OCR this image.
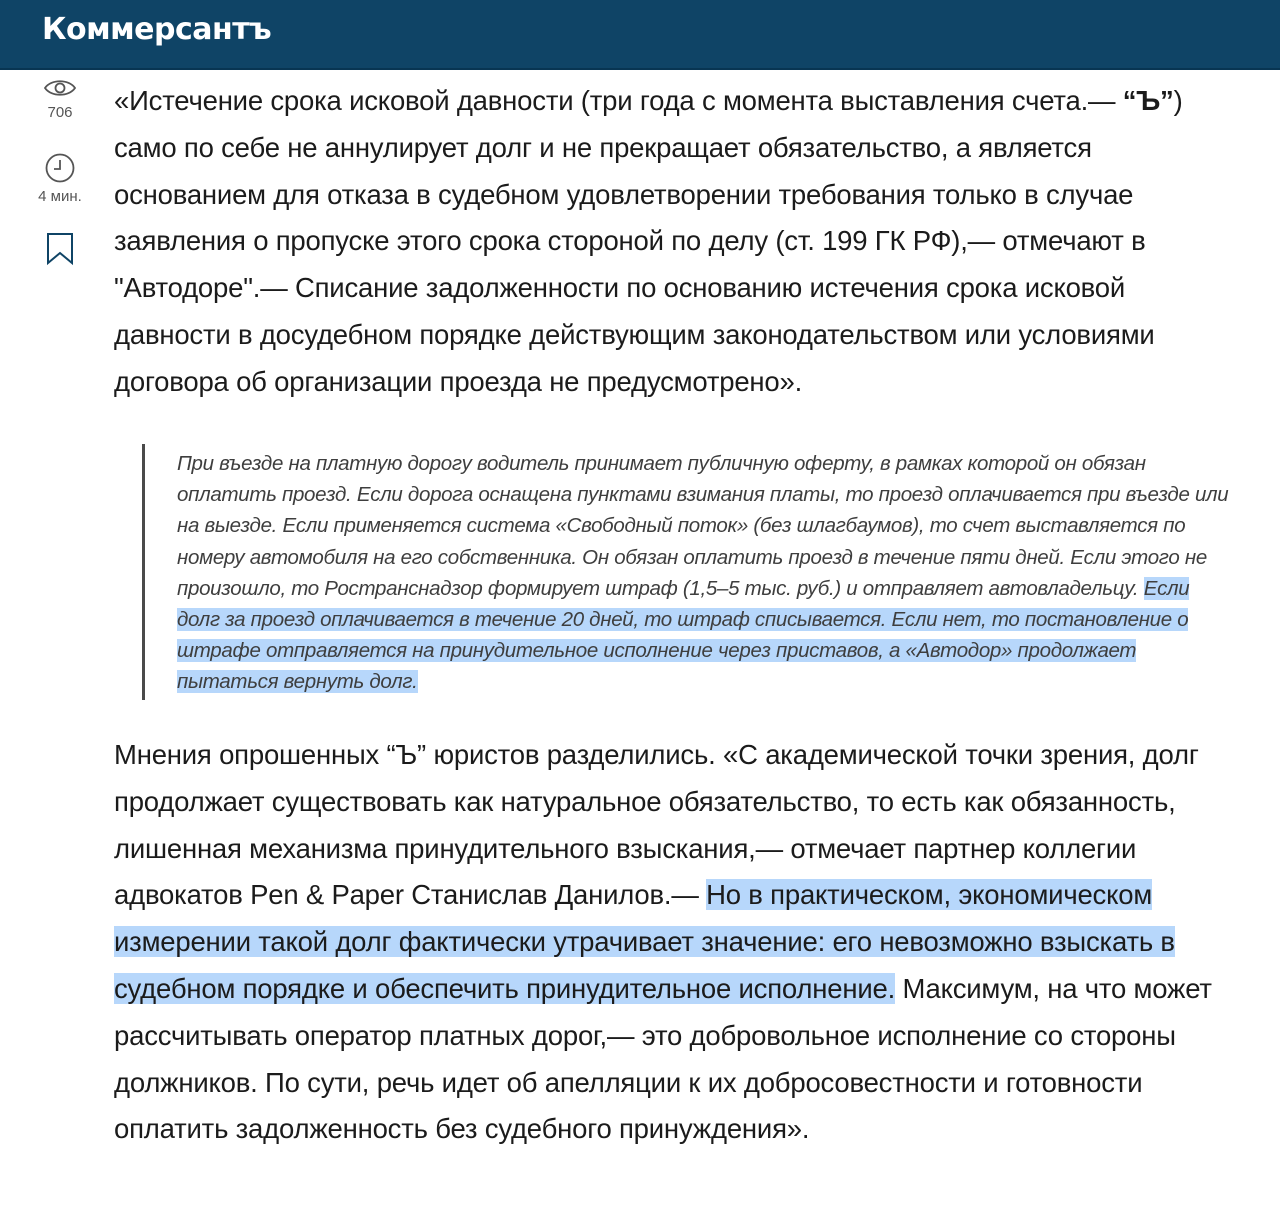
Коммерсантъ
706
4 мин.
«Истечение срока исковой давности (три года с момента выставления счета.— “Ъ”) само по себе не аннулирует долг и не прекращает обязательство, а является основанием для отказа в судебном удовлетворении требования только в случае заявления о пропуске этого срока стороной по делу (ст. 199 ГК РФ),— отмечают в "Автодоре".— Списание задолженности по основанию истечения срока исковой давности в досудебном порядке действующим законодательством или условиями договора об организации проезда не предусмотрено».
При въезде на платную дорогу водитель принимает публичную оферту, в рамках которой он обязан оплатить проезд. Если дорога оснащена пунктами взимания платы, то проезд оплачивается при въезде или на выезде. Если применяется система «Свободный поток» (без шлагбаумов), то счет выставляется по номеру автомобиля на его собственника. Он обязан оплатить проезд в течение пяти дней. Если этого не произошло, то Ространснадзор формирует штраф (1,5–5 тыс. руб.) и отправляет автовладельцу. Если долг за проезд оплачивается в течение 20 дней, то штраф списывается. Если нет, то постановление о штрафе отправляется на принудительное исполнение через приставов, а «Автодор» продолжает пытаться вернуть долг.
Мнения опрошенных “Ъ” юристов разделились. «С академической точки зрения, долг продолжает существовать как натуральное обязательство, то есть как обязанность, лишенная механизма принудительного взыскания,— отмечает партнер коллегии адвокатов Pen & Paper Станислав Данилов.— Но в практическом, экономическом измерении такой долг фактически утрачивает значение: его невозможно взыскать в судебном порядке и обеспечить принудительное исполнение. Максимум, на что может рассчитывать оператор платных дорог,— это добровольное исполнение со стороны должников. По сути, речь идет об апелляции к их добросовестности и готовности оплатить задолженность без судебного принуждения».
